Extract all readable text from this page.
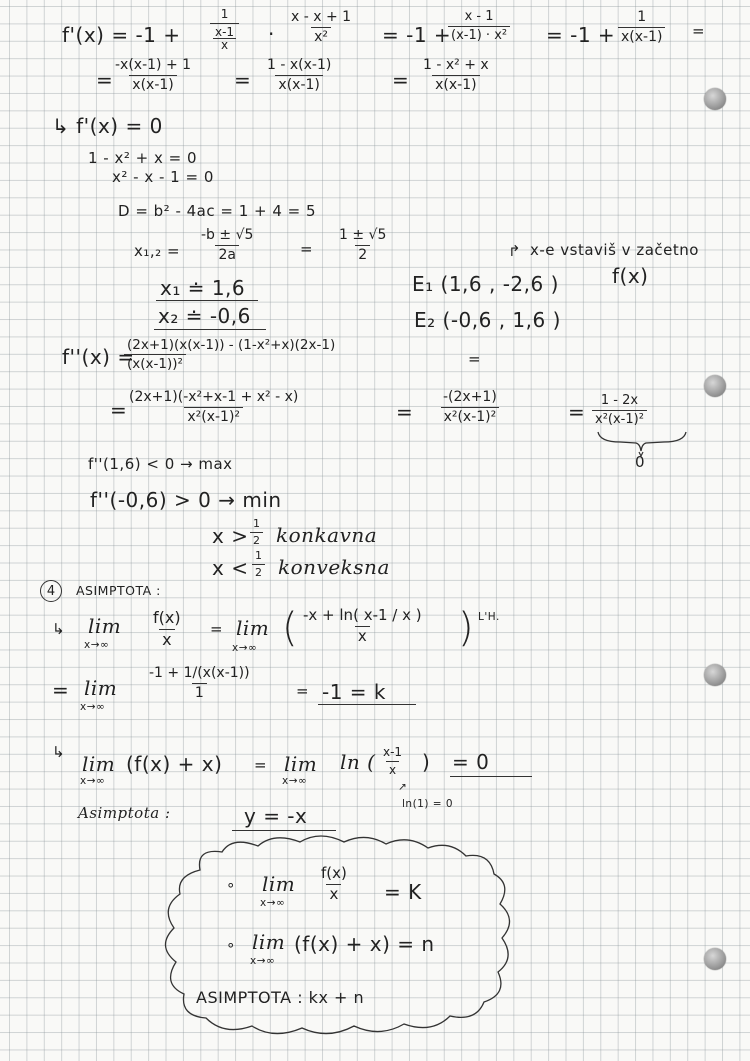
f'(x) = -1 + 1
x-1
$x \cdot \frac{x - x + 1}{\text{x²}} = -1$ +
$\frac{x - 1}{\text{(x-1) · x²}} = -1 + \frac{1}{x(x-1)}$ =
=
$\frac{-x(x-1) + 1}{x(x-1)} = \frac{1 - x(x-1)}{x(x-1)}$	= $\frac{\text{1 - x² + x}}{x(x-1)}$
↳ f'(x) = 0
1 - x² + x = 0
x² - x - 1 = 0
D = b² - 4ac = 1 + 4 = 5
$x_1,_2 = \frac{-b \pm √5}{2a}$	= $\frac{1 \pm √5}{2}$
x₁ ≐ 1,6
x₂ ≐ -0,6
↱ x-e vstaviš v začetno
f(x)
E₁ (1,6 , -2,6 )
E₂ (-0,6 , 1,6 )
f''(x) =
$\frac{\text{(2x+1)(x(x-1)) - (1-x²+x)(2x-1)}}{\text{(x(x-1))²}}$	=
=
$\frac{\text{(2x+1)(-x²+x-1 + x² - x)}}{\text{x²(x-1)²}}$	= $\frac{-(2x+1)}{\text{x²(x-1)²}}$	= $\frac{1 - 2x}{\text{x²(x-1)²}}$
0
f''(1,6) < 0 → max
f''(-0,6) > 0 → min
$x > \frac{1}{2}$ konkavna
$x < \frac{1}{2}$ konveksna
4	ASIMPTOTA :
↳ lim
x→∞	$\frac{f(x)}{x} = \lim$
x→∞ ( $\frac{-x + \ln( x-1 / x )}{x}$ ) L'H.
= lim
x→∞
$\frac{-1 + 1/(x(x-1))}{1}$	= -1 = k
↳ lim
x→∞
(f(x) + x) = lim
x→∞
ln ( $\frac{x-1}{x}$ ) = 0
↗
ln(1) = 0
Asimptota :	y = -x
∘ lim
x→∞
$\frac{f(x)}{x} = K$
∘ lim
x→∞
(f(x) + x) = n
ASIMPTOTA : kx + n
